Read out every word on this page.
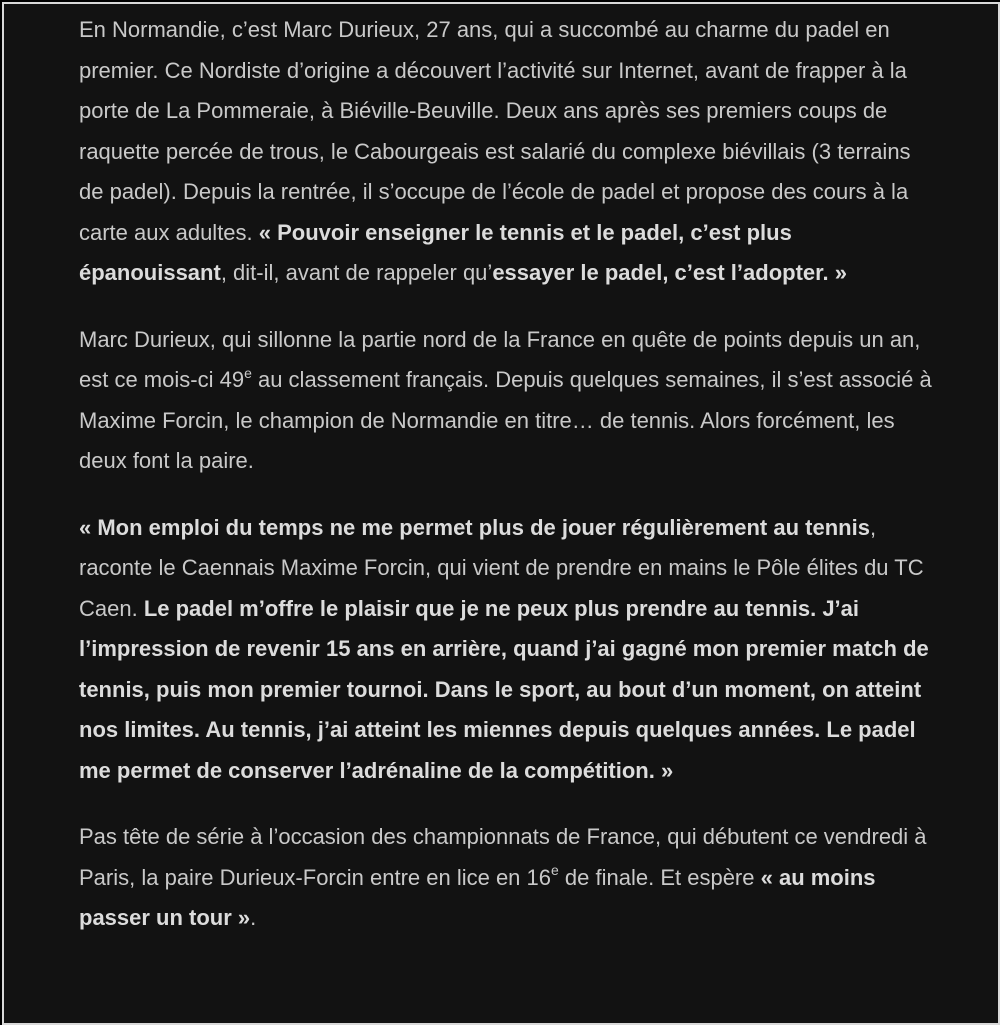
En Normandie, c’est Marc Durieux, 27 ans, qui a succombé au charme du padel en premier. Ce Nordiste d’origine a découvert l’activité sur Internet, avant de frapper à la porte de La Pommeraie, à Biéville-Beuville. Deux ans après ses premiers coups de raquette percée de trous, le Cabourgeais est salarié du complexe biévillais (3 terrains de padel). Depuis la rentrée, il s’occupe de l’école de padel et propose des cours à la carte aux adultes. « Pouvoir enseigner le tennis et le padel, c’est plus épanouissant, dit-il, avant de rappeler qu’essayer le padel, c’est l’adopter. »

Marc Durieux, qui sillonne la partie nord de la France en quête de points depuis un an, est ce mois-ci 49e au classement français. Depuis quelques semaines, il s’est associé à Maxime Forcin, le champion de Normandie en titre… de tennis. Alors forcément, les deux font la paire.

« Mon emploi du temps ne me permet plus de jouer régulièrement au tennis, raconte le Caennais Maxime Forcin, qui vient de prendre en mains le Pôle élites du TC Caen. Le padel m’offre le plaisir que je ne peux plus prendre au tennis. J’ai l’impression de revenir 15 ans en arrière, quand j’ai gagné mon premier match de tennis, puis mon premier tournoi. Dans le sport, au bout d’un moment, on atteint nos limites. Au tennis, j’ai atteint les miennes depuis quelques années. Le padel me permet de conserver l’adrénaline de la compétition. »

Pas tête de série à l’occasion des championnats de France, qui débutent ce vendredi à Paris, la paire Durieux-Forcin entre en lice en 16e de finale. Et espère « au moins passer un tour ».
